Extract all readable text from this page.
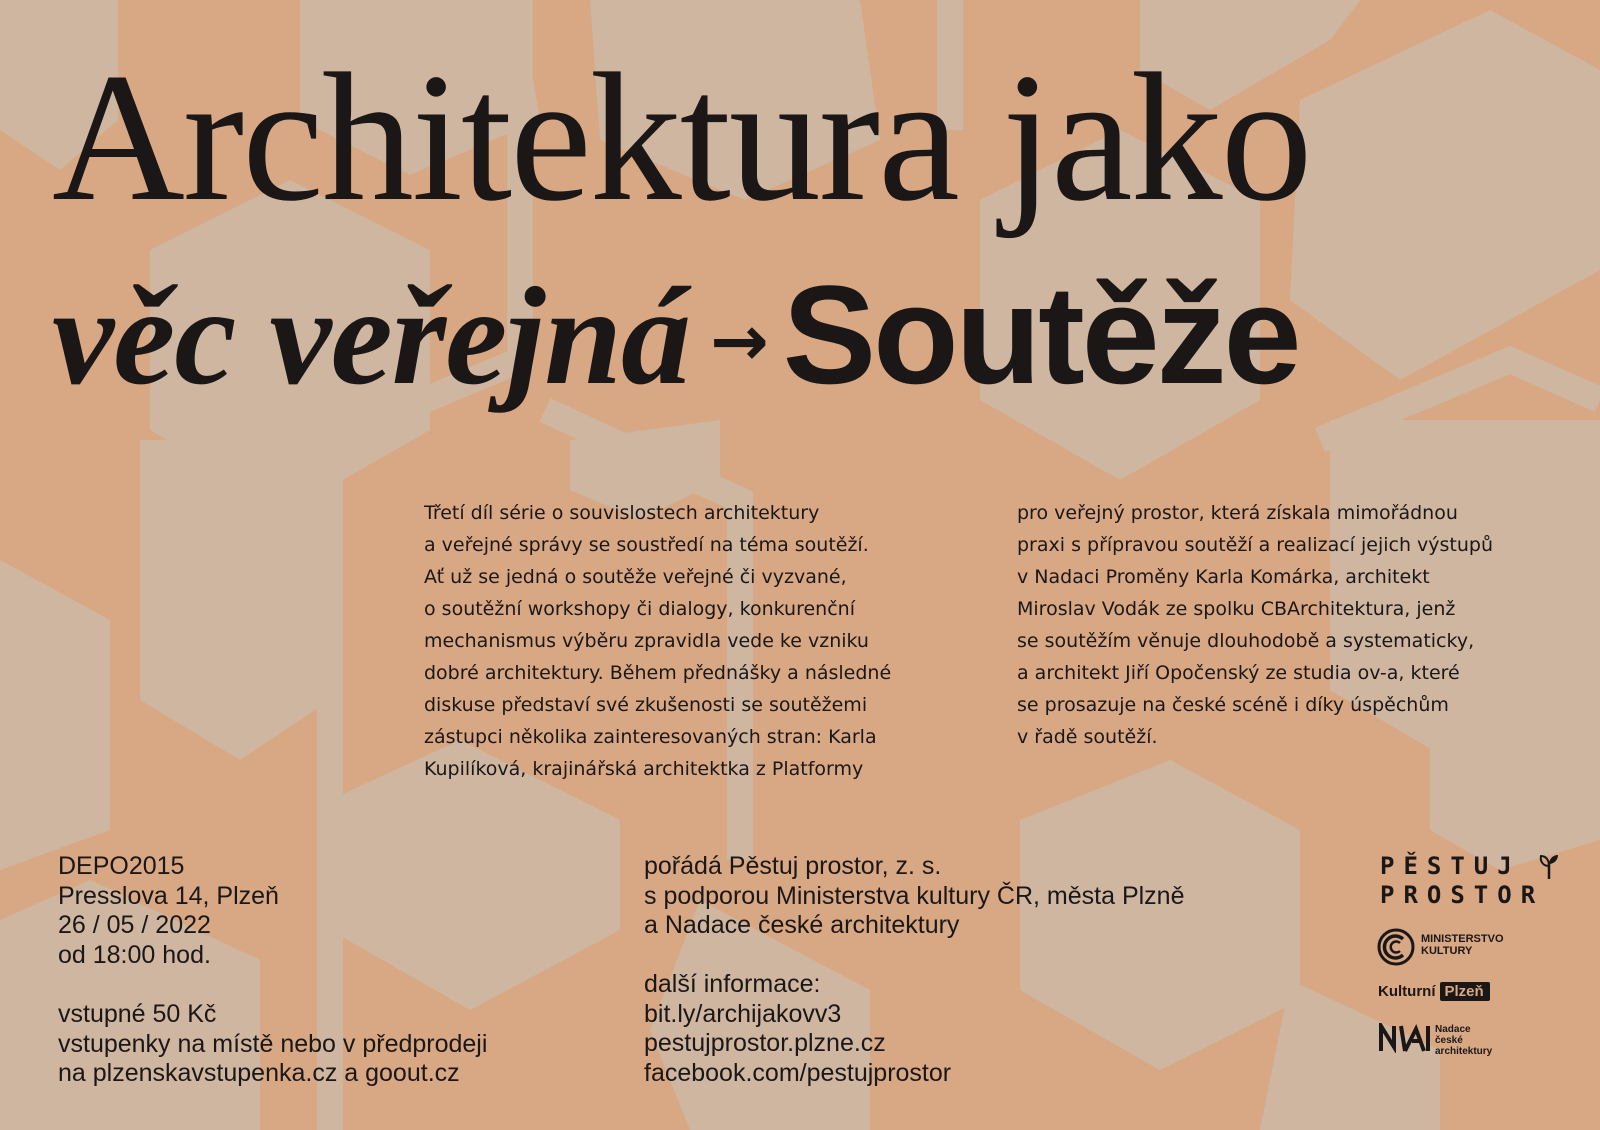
Architektura jako
věc veřejná → Soutěže

Třetí díl série o souvislostech architektury
a veřejné správy se soustředí na téma soutěží.
Ať už se jedná o soutěže veřejné či vyzvané,
o soutěžní workshopy či dialogy, konkurenční
mechanismus výběru zpravidla vede ke vzniku
dobré architektury. Během přednášky a následné
diskuse představí své zkušenosti se soutěžemi
zástupci několika zainteresovaných stran: Karla
Kupilíková, krajinářská architektka z Platformy

pro veřejný prostor, která získala mimořádnou
praxi s přípravou soutěží a realizací jejich výstupů
v Nadaci Proměny Karla Komárka, architekt
Miroslav Vodák ze spolku CBArchitektura, jenž
se soutěžím věnuje dlouhodobě a systematicky,
a architekt Jiří Opočenský ze studia ov-a, které
se prosazuje na české scéně i díky úspěchům
v řadě soutěží.

DEPO2015
Presslova 14, Plzeň
26 / 05 / 2022
od 18:00 hod.
vstupné 50 Kč
vstupenky na místě nebo v předprodeji
na plzenskavstupenka.cz a goout.cz
pořádá Pěstuj prostor, z. s.
s podporou Ministerstva kultury ČR, města Plzně
a Nadace české architektury
další informace:
bit.ly/archijakovv3
pestujprostor.plzne.cz
facebook.com/pestujprostor
PĚSTUJ
PROSTOR
MINISTERSTVO
KULTURY
Kulturní Plzeň
Nadace
české
architektury
